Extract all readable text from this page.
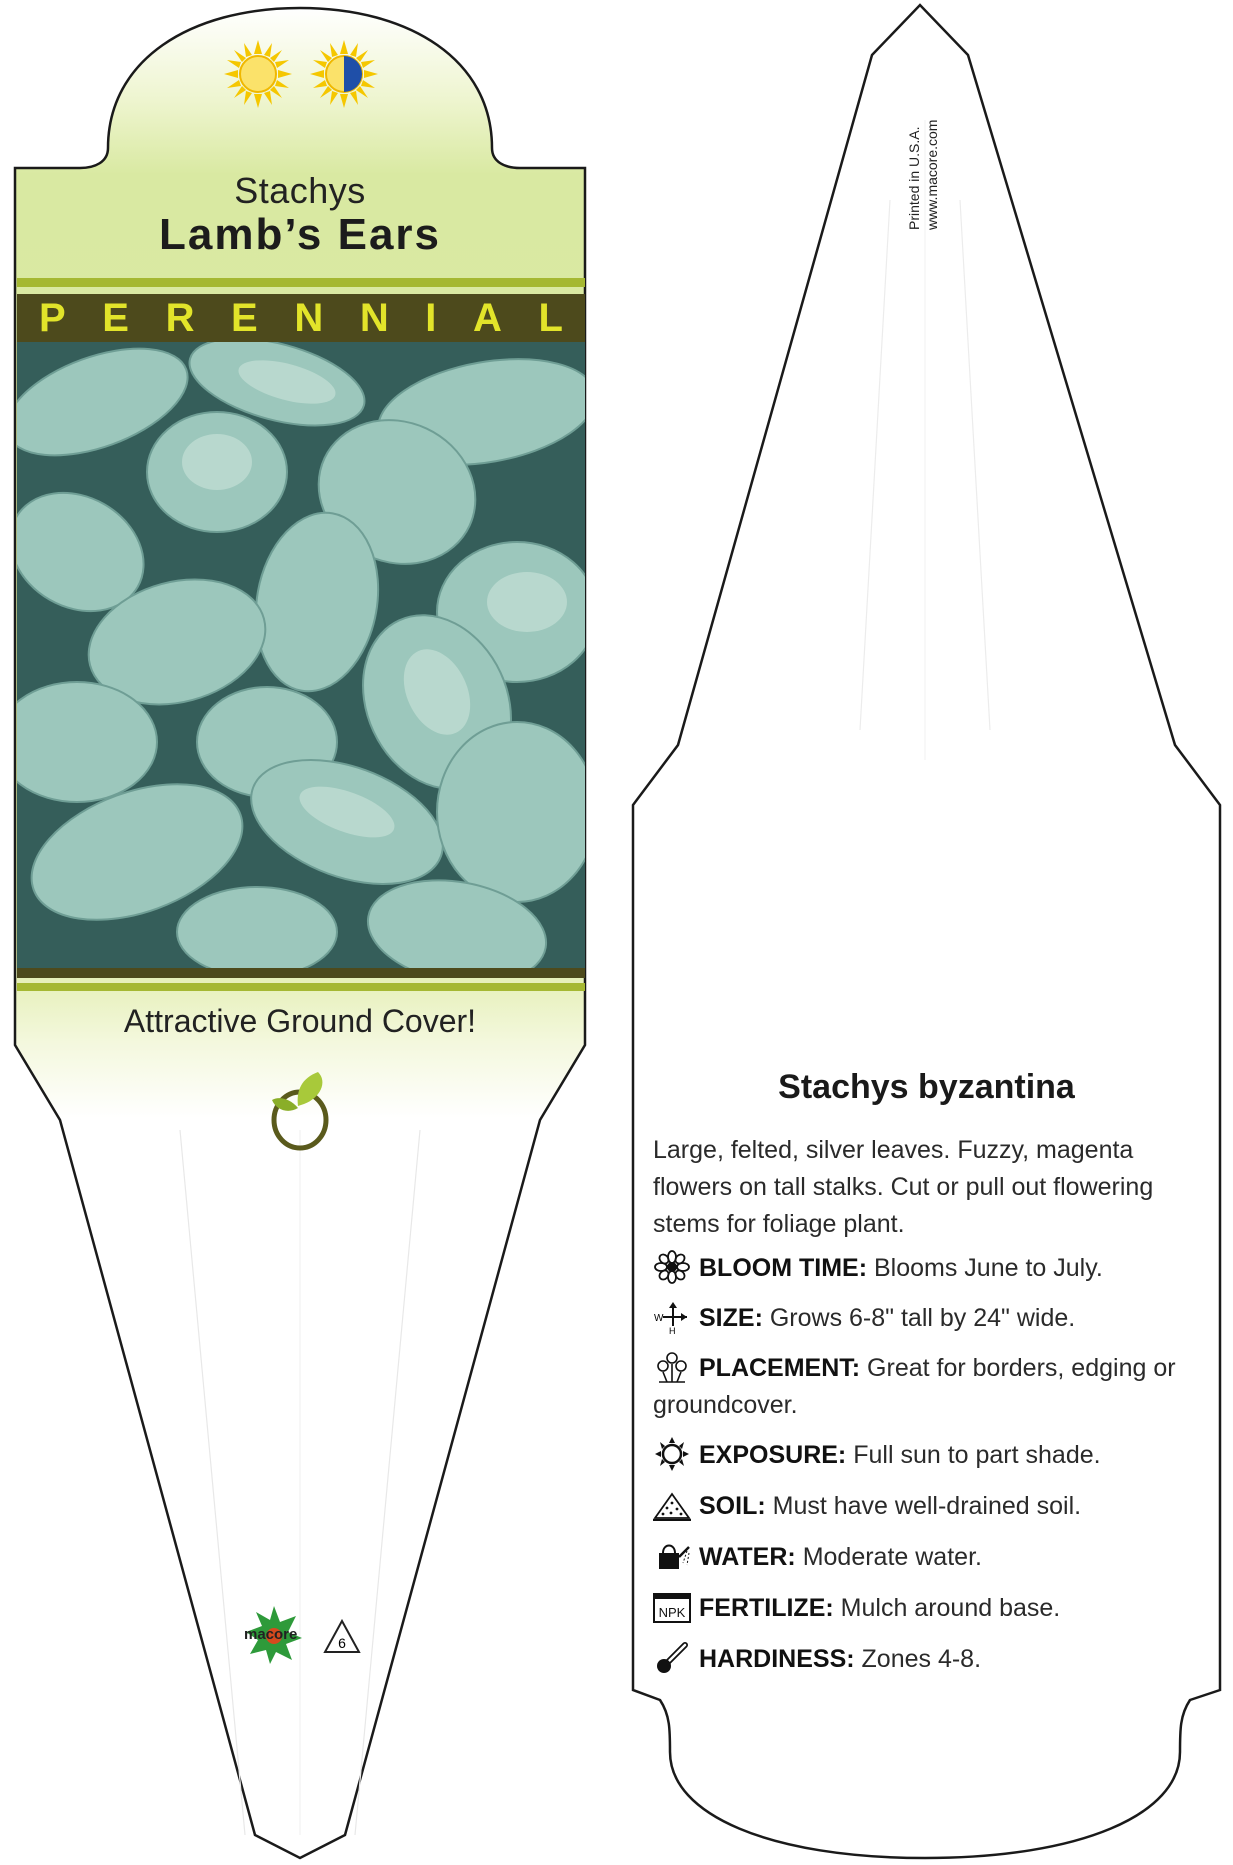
Stachys
Lamb’s Ears
P E R E N N I A L
Attractive Ground Cover!
macore	6
Printed in U.S.A. www.macore.com
Stachys byzantina
Large, felted, silver leaves. Fuzzy, magenta flowers on tall stalks. Cut or pull out flowering stems for foliage plant.
BLOOM TIME: Blooms June to July.
W
H SIZE: Grows 6-8" tall by 24" wide.
PLACEMENT: Great for borders, edging or groundcover.
EXPOSURE: Full sun to part shade.
SOIL: Must have well-drained soil.
WATER: Moderate water.
NPK FERTILIZE: Mulch around base.
HARDINESS: Zones 4-8.
